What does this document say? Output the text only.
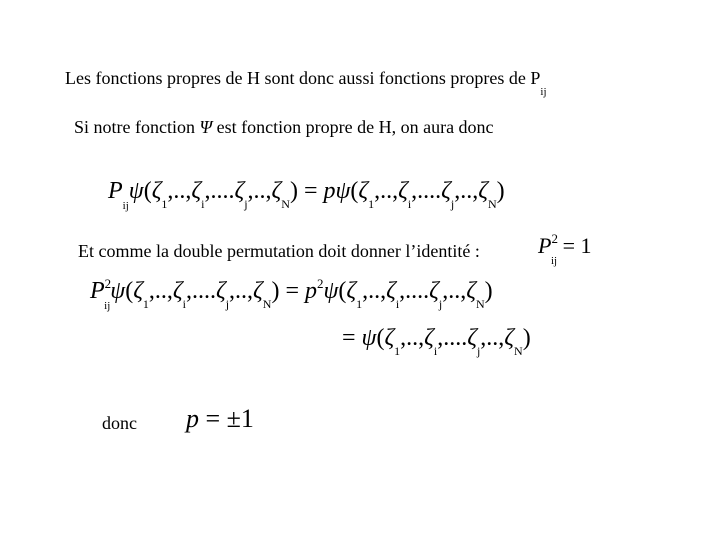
Les fonctions propres de H sont donc aussi fonctions propres de $P_{ij}$
Si notre fonction Ψ est fonction propre de H, on aura donc
$P_{ij}\psi(\zeta_1,..,\zeta_i,....\zeta_j,..,\zeta_N) = p\psi(\zeta_1,..,\zeta_i,....\zeta_j,..,\zeta_N)$
Et comme la double permutation doit donner l’identité :	$P^2_{ij} = 1$
$P^2_{ij}\psi(\zeta_1,..,\zeta_i,....\zeta_j,..,\zeta_N) = p^2\psi(\zeta_1,..,\zeta_i,....\zeta_j,..,\zeta_N)$
= $\psi(\zeta_1,..,\zeta_i,....\zeta_j,..,\zeta_N)$
donc p = ±1
